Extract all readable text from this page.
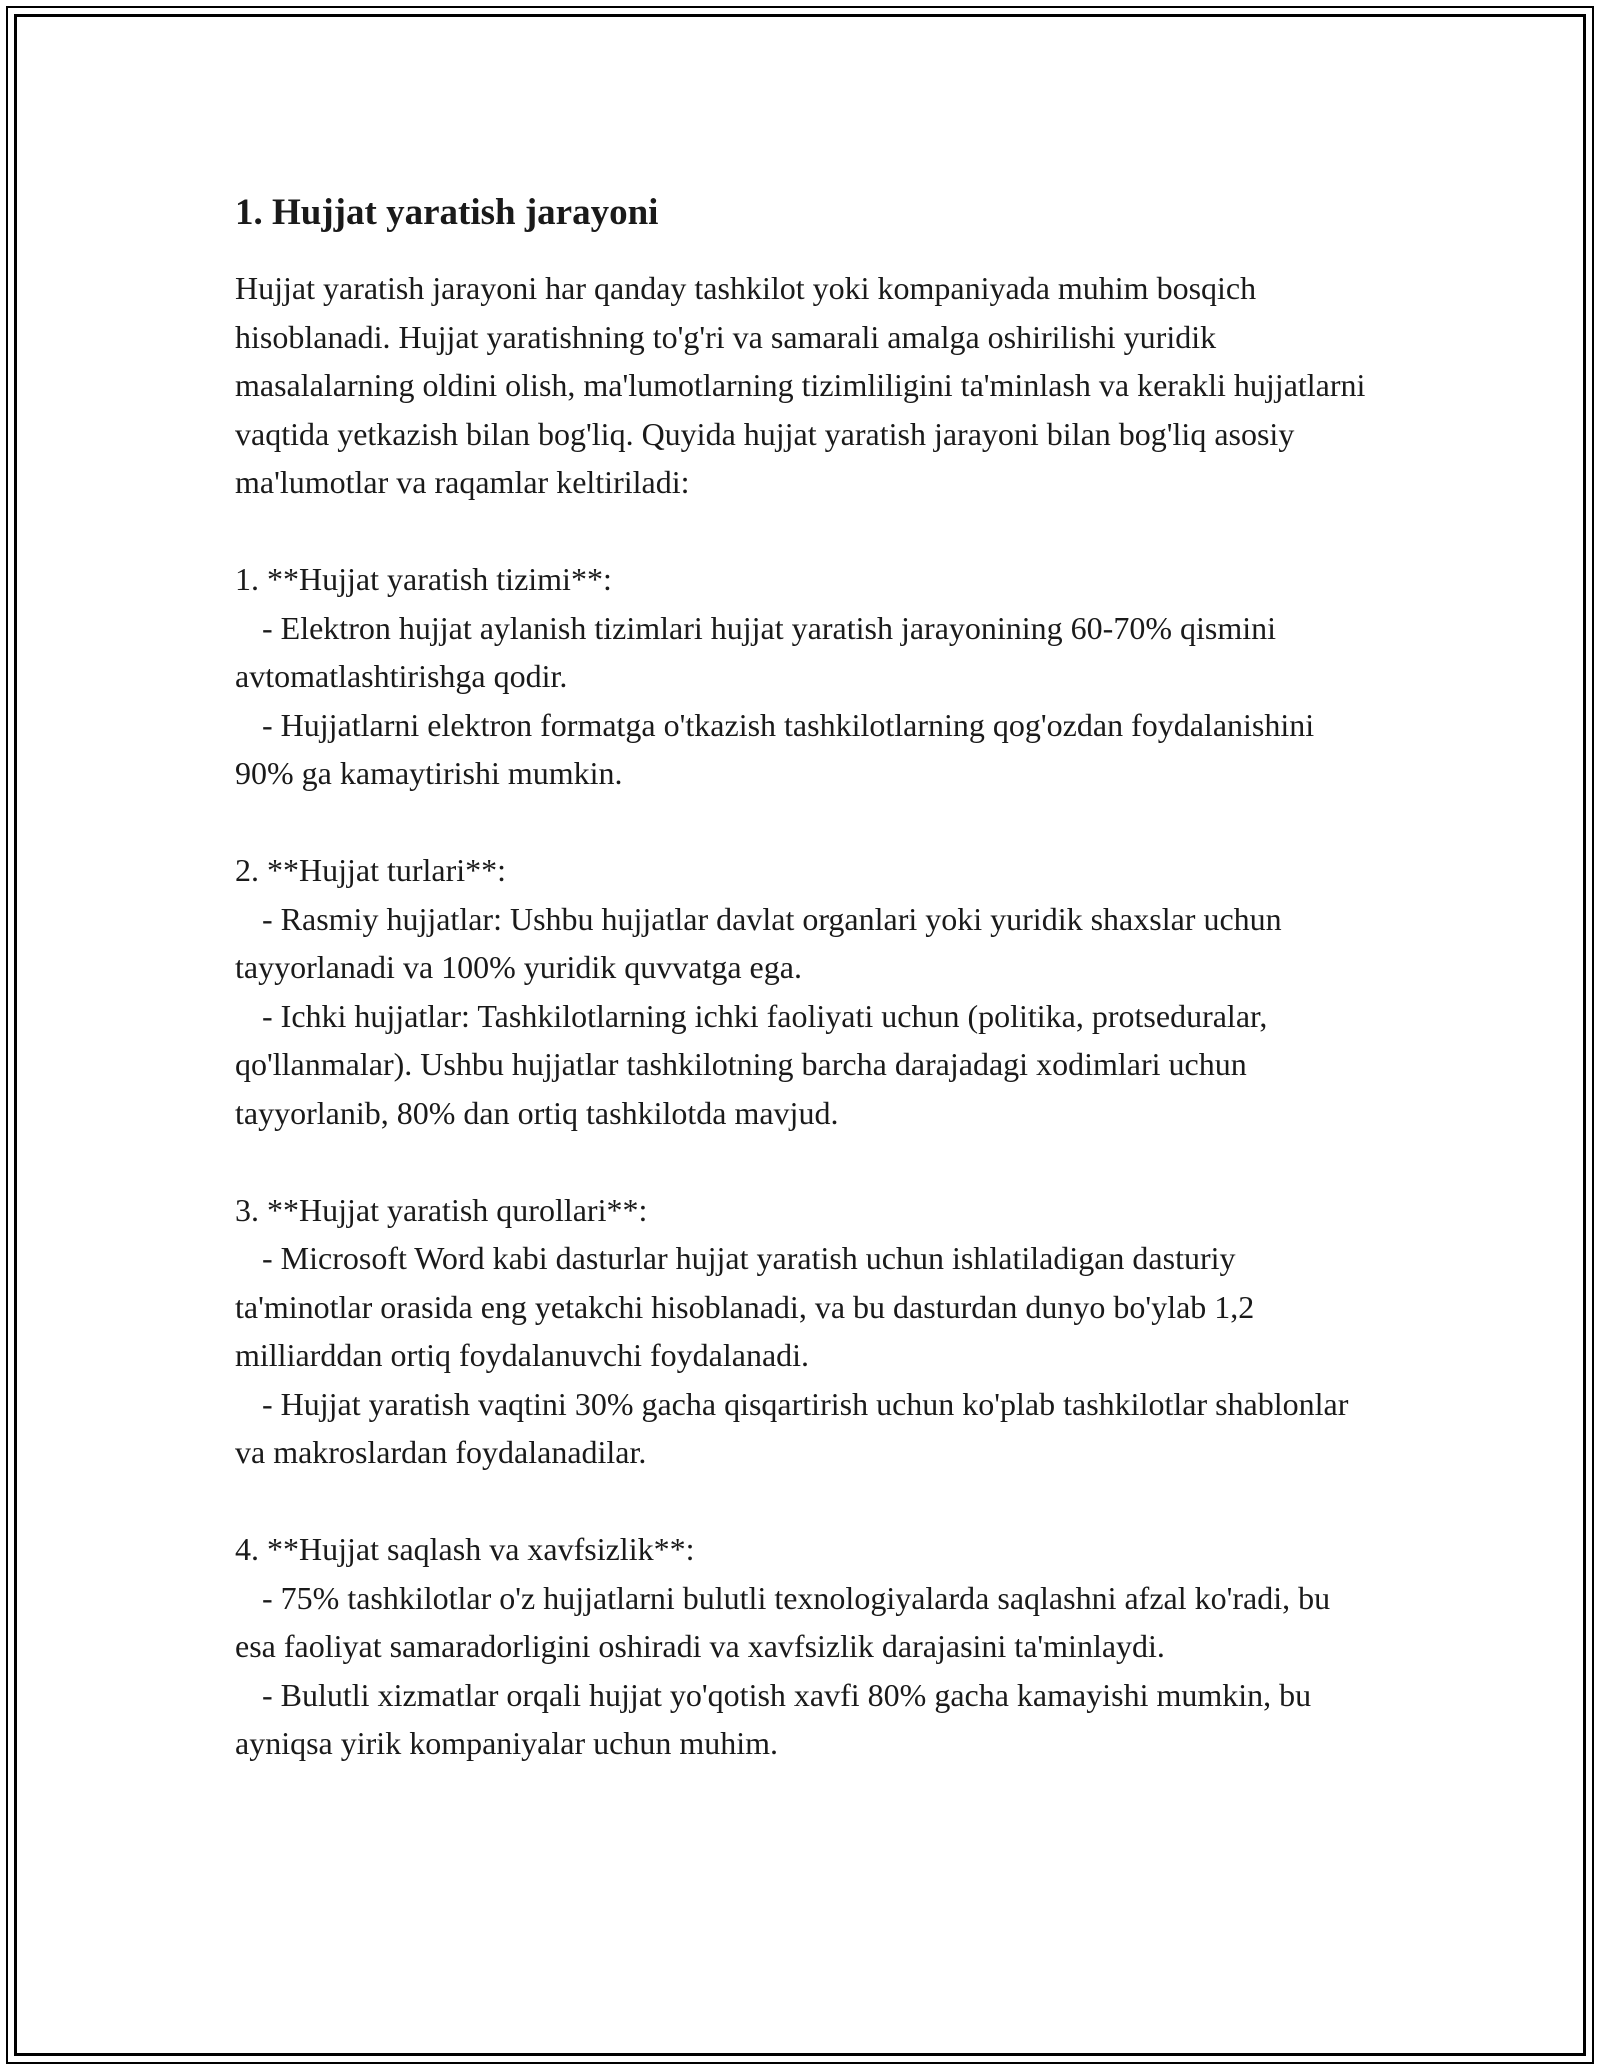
1. Hujjat yaratish jarayoni

Hujjat yaratish jarayoni har qanday tashkilot yoki kompaniyada muhim bosqich hisoblanadi. Hujjat yaratishning to'g'ri va samarali amalga oshirilishi yuridik masalalarning oldini olish, ma'lumotlarning tizimliligini ta'minlash va kerakli hujjatlarni vaqtida yetkazish bilan bog'liq. Quyida hujjat yaratish jarayoni bilan bog'liq asosiy ma'lumotlar va raqamlar keltiriladi:

1. **Hujjat yaratish tizimi**:

- Elektron hujjat aylanish tizimlari hujjat yaratish jarayonining 60-70% qismini avtomatlashtirishga qodir.

- Hujjatlarni elektron formatga o'tkazish tashkilotlarning qog'ozdan foydalanishini 90% ga kamaytirishi mumkin.

2. **Hujjat turlari**:

- Rasmiy hujjatlar: Ushbu hujjatlar davlat organlari yoki yuridik shaxslar uchun tayyorlanadi va 100% yuridik quvvatga ega.

- Ichki hujjatlar: Tashkilotlarning ichki faoliyati uchun (politika, protseduralar, qo'llanmalar). Ushbu hujjatlar tashkilotning barcha darajadagi xodimlari uchun tayyorlanib, 80% dan ortiq tashkilotda mavjud.

3. **Hujjat yaratish qurollari**:

- Microsoft Word kabi dasturlar hujjat yaratish uchun ishlatiladigan dasturiy ta'minotlar orasida eng yetakchi hisoblanadi, va bu dasturdan dunyo bo'ylab 1,2 milliarddan ortiq foydalanuvchi foydalanadi.

- Hujjat yaratish vaqtini 30% gacha qisqartirish uchun ko'plab tashkilotlar shablonlar va makroslardan foydalanadilar.

4. **Hujjat saqlash va xavfsizlik**:

- 75% tashkilotlar o'z hujjatlarni bulutli texnologiyalarda saqlashni afzal ko'radi, bu esa faoliyat samaradorligini oshiradi va xavfsizlik darajasini ta'minlaydi.

- Bulutli xizmatlar orqali hujjat yo'qotish xavfi 80% gacha kamayishi mumkin, bu ayniqsa yirik kompaniyalar uchun muhim.
